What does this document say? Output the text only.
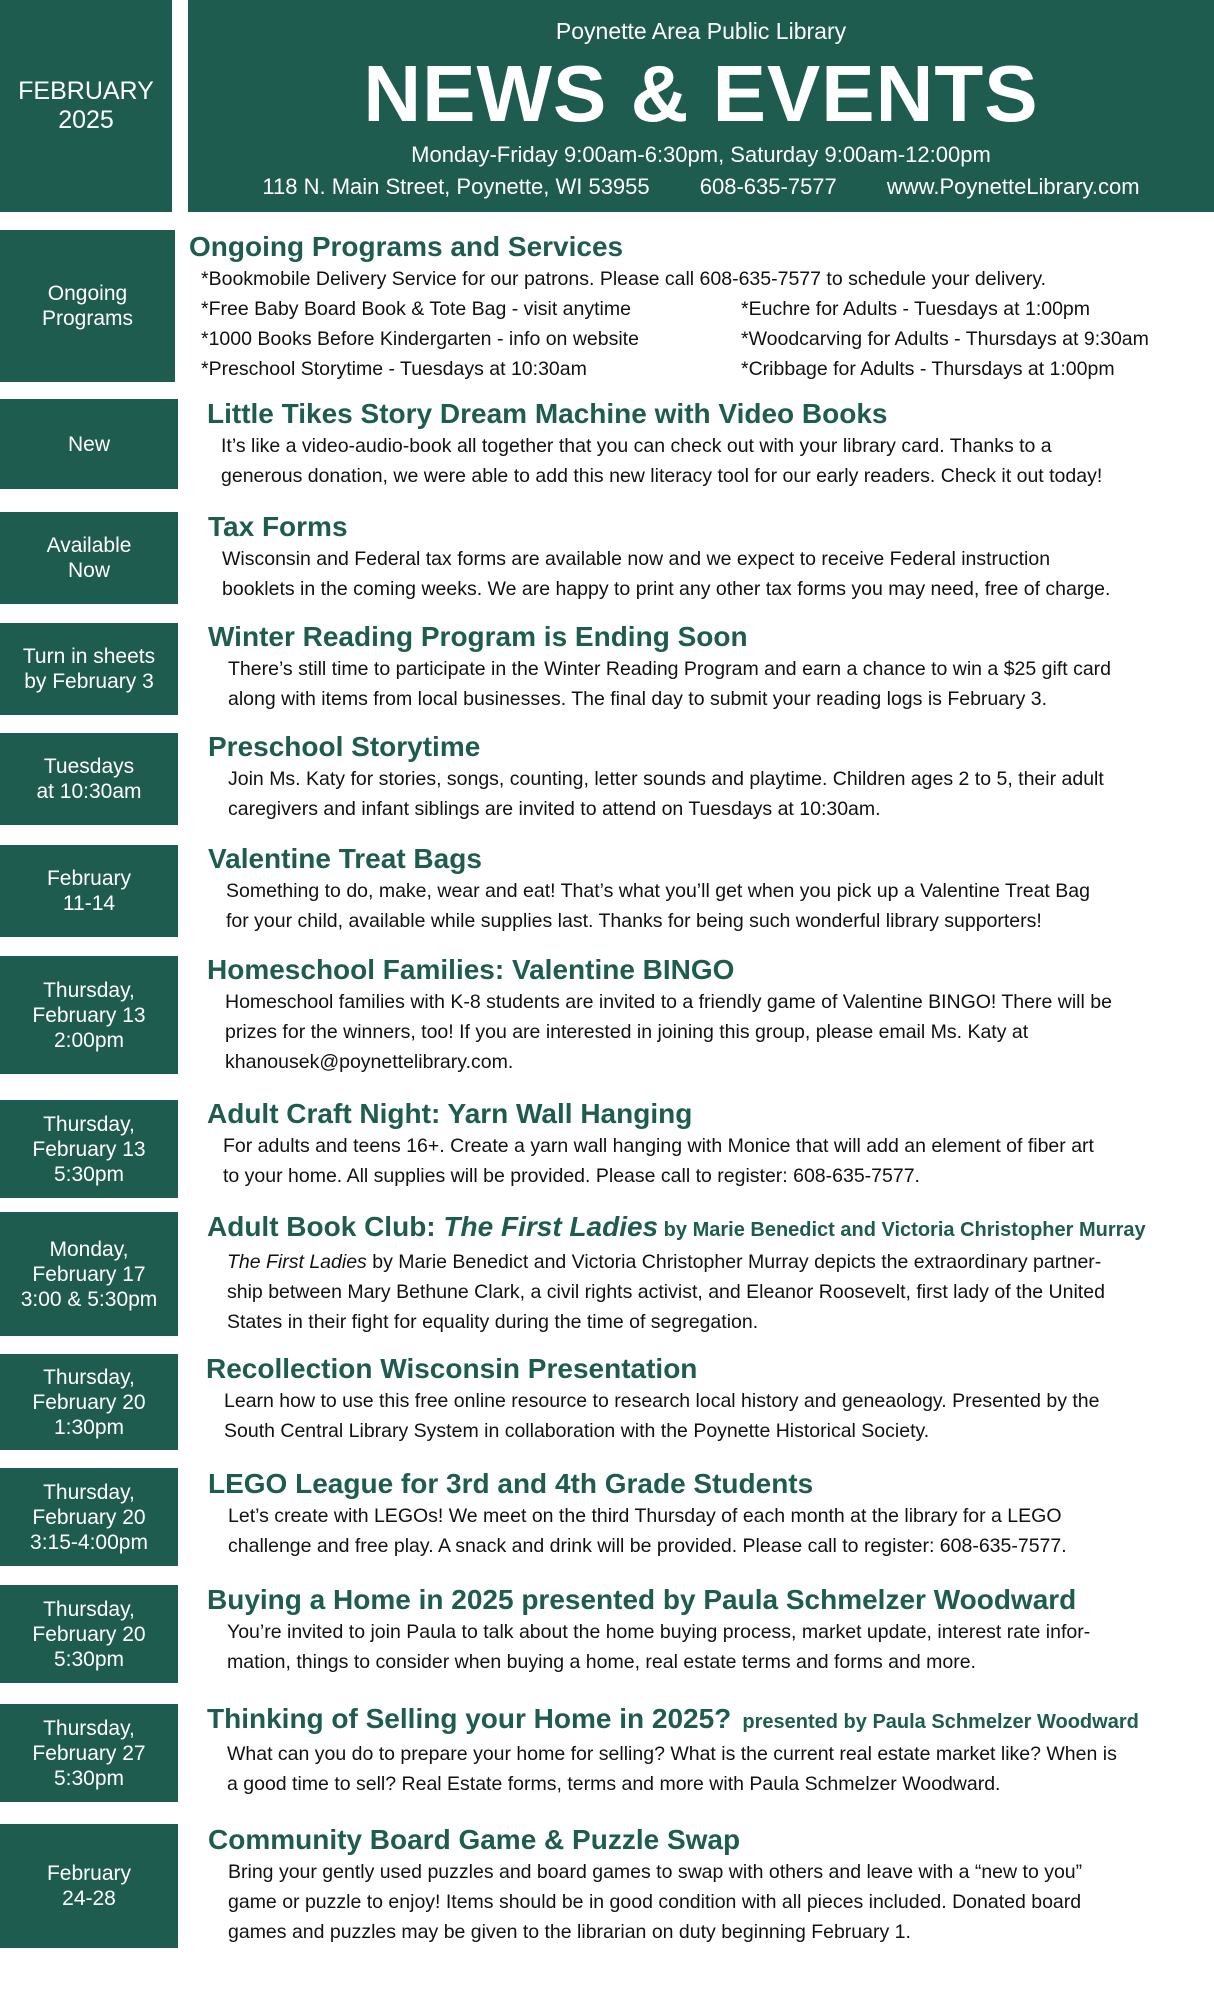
FEBRUARY
2025
Poynette Area Public Library
NEWS & EVENTS
Monday-Friday 9:00am-6:30pm, Saturday 9:00am-12:00pm
118 N. Main Street, Poynette, WI 53955 608-635-7577 www.PoynetteLibrary.com
Ongoing
Programs
Ongoing Programs and Services

*Bookmobile Delivery Service for our patrons. Please call 608-635-7577 to schedule your delivery.

*Free Baby Board Book & Tote Bag - visit anytime
*1000 Books Before Kindergarten - info on website
*Preschool Storytime - Tuesdays at 10:30am
*Euchre for Adults - Tuesdays at 1:00pm
*Woodcarving for Adults - Thursdays at 9:30am
*Cribbage for Adults - Thursdays at 1:00pm
New
Little Tikes Story Dream Machine with Video Books

It’s like a video-audio-book all together that you can check out with your library card. Thanks to a

generous donation, we were able to add this new literacy tool for our early readers. Check it out today!

Available
Now
Tax Forms

Wisconsin and Federal tax forms are available now and we expect to receive Federal instruction

booklets in the coming weeks. We are happy to print any other tax forms you may need, free of charge.

Turn in sheets
by February 3
Winter Reading Program is Ending Soon

There’s still time to participate in the Winter Reading Program and earn a chance to win a $25 gift card

along with items from local businesses. The final day to submit your reading logs is February 3.

Tuesdays
at 10:30am
Preschool Storytime

Join Ms. Katy for stories, songs, counting, letter sounds and playtime. Children ages 2 to 5, their adult

caregivers and infant siblings are invited to attend on Tuesdays at 10:30am.

February
11-14
Valentine Treat Bags

Something to do, make, wear and eat! That’s what you’ll get when you pick up a Valentine Treat Bag

for your child, available while supplies last. Thanks for being such wonderful library supporters!

Thursday,
February 13
2:00pm
Homeschool Families: Valentine BINGO

Homeschool families with K-8 students are invited to a friendly game of Valentine BINGO! There will be

prizes for the winners, too! If you are interested in joining this group, please email Ms. Katy at

khanousek@poynettelibrary.com.

Thursday,
February 13
5:30pm
Adult Craft Night: Yarn Wall Hanging

For adults and teens 16+. Create a yarn wall hanging with Monice that will add an element of fiber art

to your home. All supplies will be provided. Please call to register: 608-635-7577.

Monday,
February 17
3:00 & 5:30pm
Adult Book Club: The First Ladies by Marie Benedict and Victoria Christopher Murray

The First Ladies by Marie Benedict and Victoria Christopher Murray depicts the extraordinary partner-

ship between Mary Bethune Clark, a civil rights activist, and Eleanor Roosevelt, first lady of the United

States in their fight for equality during the time of segregation.

Thursday,
February 20
1:30pm
Recollection Wisconsin Presentation

Learn how to use this free online resource to research local history and geneaology. Presented by the

South Central Library System in collaboration with the Poynette Historical Society.

Thursday,
February 20
3:15-4:00pm
LEGO League for 3rd and 4th Grade Students

Let’s create with LEGOs! We meet on the third Thursday of each month at the library for a LEGO

challenge and free play. A snack and drink will be provided. Please call to register: 608-635-7577.

Thursday,
February 20
5:30pm
Buying a Home in 2025 presented by Paula Schmelzer Woodward

You’re invited to join Paula to talk about the home buying process, market update, interest rate infor-

mation, things to consider when buying a home, real estate terms and forms and more.

Thursday,
February 27
5:30pm
Thinking of Selling your Home in 2025?  presented by Paula Schmelzer Woodward

What can you do to prepare your home for selling? What is the current real estate market like? When is

a good time to sell? Real Estate forms, terms and more with Paula Schmelzer Woodward.

February
24-28
Community Board Game & Puzzle Swap

Bring your gently used puzzles and board games to swap with others and leave with a “new to you”

game or puzzle to enjoy! Items should be in good condition with all pieces included. Donated board

games and puzzles may be given to the librarian on duty beginning February 1.
